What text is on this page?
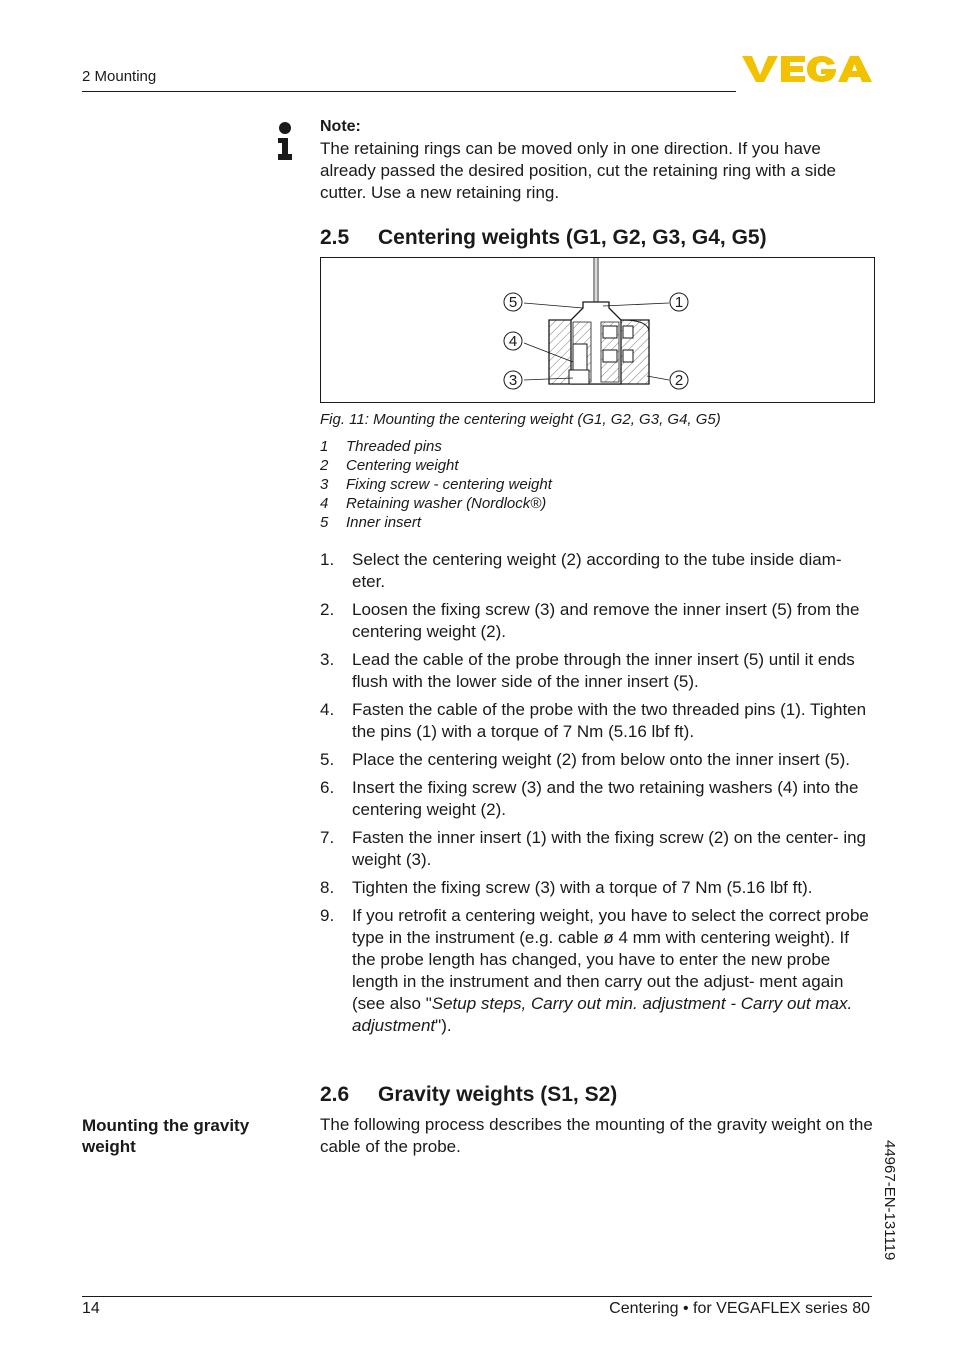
2 Mounting
Note:
The retaining rings can be moved only in one direction. If you have already passed the desired position, cut the retaining ring with a side cutter. Use a new retaining ring.
2.5 Centering weights (G1, G2, G3, G4, G5)
5	1
4
3	2
Fig. 11: Mounting the centering weight (G1, G2, G3, G4, G5)
1 Threaded pins
2 Centering weight
3 Fixing screw - centering weight
4 Retaining washer (Nordlock®)
5 Inner insert
1.	Select the centering weight (2) according to the tube inside diam- eter.
2.	Loosen the fixing screw (3) and remove the inner insert (5) from the centering weight (2).
3.	Lead the cable of the probe through the inner insert (5) until it ends flush with the lower side of the inner insert (5).
4.	Fasten the cable of the probe with the two threaded pins (1). Tighten the pins (1) with a torque of 7 Nm (5.16 lbf ft).
5.	Place the centering weight (2) from below onto the inner insert (5).
6.	Insert the fixing screw (3) and the two retaining washers (4) into the centering weight (2).
7.	Fasten the inner insert (1) with the fixing screw (2) on the center- ing weight (3).
8.	Tighten the fixing screw (3) with a torque of 7 Nm (5.16 lbf ft).
9.	If you retrofit a centering weight, you have to select the correct probe type in the instrument (e.g. cable ø 4 mm with centering weight). If the probe length has changed, you have to enter the new probe length in the instrument and then carry out the adjust- ment again (see also "Setup steps, Carry out min. adjustment - Carry out max. adjustment").
2.6 Gravity weights (S1, S2)
Mounting the gravity weight
The following process describes the mounting of the gravity weight on the cable of the probe.	44967-EN-131119
14	Centering • for VEGAFLEX series 80
